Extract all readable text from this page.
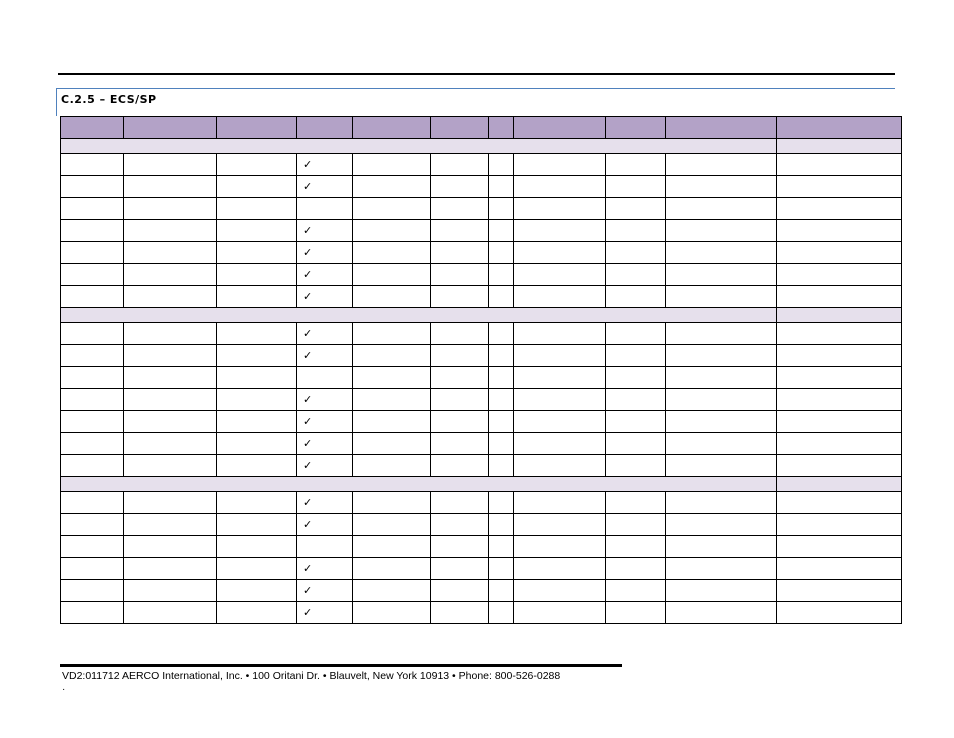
C.2.5 – ECS/SP

			✓							
			✓							

			✓							
			✓							
			✓							
			✓							

			✓							
			✓							

			✓							
			✓							
			✓							
			✓							

			✓							
			✓							

			✓							
			✓							
			✓							
VD2:011712 AERCO International, Inc. • 100 Oritani Dr. • Blauvelt, New York 10913 • Phone: 800-526-0288
·
